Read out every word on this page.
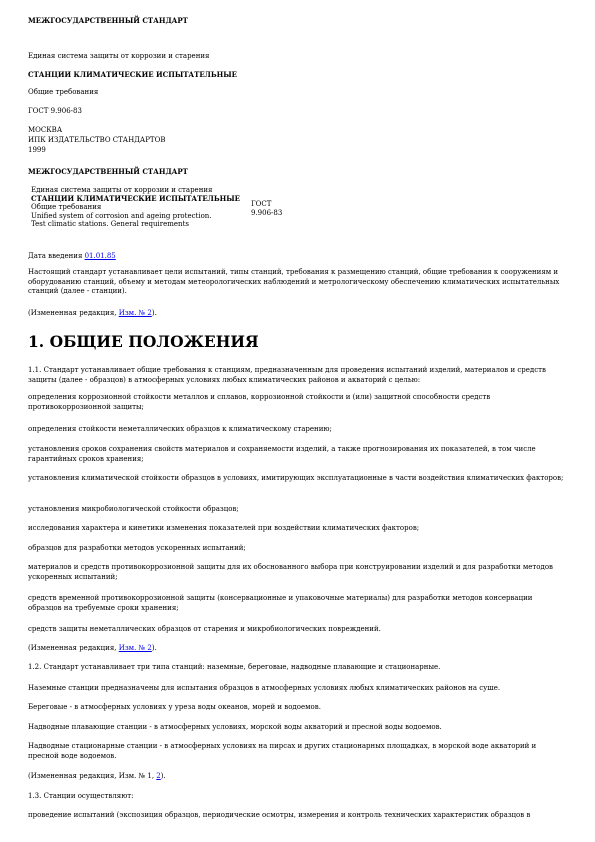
МЕЖГОСУДАРСТВЕННЫЙ СТАНДАРТ
Единая система защиты от коррозии и старения
СТАНЦИИ КЛИМАТИЧЕСКИЕ ИСПЫТАТЕЛЬНЫЕ
Общие требования
ГОСТ 9.906-83
МОСКВА
ИПК ИЗДАТЕЛЬСТВО СТАНДАРТОВ
1999
МЕЖГОСУДАРСТВЕННЫЙ СТАНДАРТ
Единая система защиты от коррозии и старения
СТАНЦИИ КЛИМАТИЧЕСКИЕ ИСПЫТАТЕЛЬНЫЕ
Общие требования
Unified system of corrosion and ageing protection.
Test climatic stations. General requirements

ГОСТ
9.906-83
Дата введения 01.01.85
Настоящий стандарт устанавливает цели испытаний, типы станций, требования к размещению станций, общие требования к сооружениям и оборудованию станций, объему и методам метеорологических наблюдений и метрологическому обеспечению климатических испытательных станций (далее - станции).
(Измененная редакция, Изм. № 2).
1. ОБЩИЕ ПОЛОЖЕНИЯ
1.1. Стандарт устанавливает общие требования к станциям, предназначенным для проведения испытаний изделий, материалов и средств защиты (далее - образцов) в атмосферных условиях любых климатических районов и акваторий с целью:
определения коррозионной стойкости металлов и сплавов, коррозионной стойкости и (или) защитной способности средств противокоррозионной защиты;
определения стойкости неметаллических образцов к климатическому старению;
установления сроков сохранения свойств материалов и сохраняемости изделий, а также прогнозирования их показателей, в том числе гарантийных сроков хранения;
установления климатической стойкости образцов в условиях, имитирующих эксплуатационные в части воздействия климатических факторов;
установления микробиологической стойкости образцов;
исследования характера и кинетики изменения показателей при воздействии климатических факторов;
образцов для разработки методов ускоренных испытаний;
материалов и средств противокоррозионной защиты для их обоснованного выбора при конструировании изделий и для разработки методов ускоренных испытаний;
средств временной противокоррозионной защиты (консервационные и упаковочные материалы) для разработки методов консервации образцов на требуемые сроки хранения;
средств защиты неметаллических образцов от старения и микробиологических повреждений.
(Измененная редакция, Изм. № 2).
1.2. Стандарт устанавливает три типа станций: наземные, береговые, надводные плавающие и стационарные.
Наземные станции предназначены для испытания образцов в атмосферных условиях любых климатических районов на суше.
Береговые - в атмосферных условиях у уреза воды океанов, морей и водоемов.
Надводные плавающие станции - в атмосферных условиях, морской воды акваторий и пресной воды водоемов.
Надводные стационарные станции - в атмосферных условиях на пирсах и других стационарных площадках, в морской воде акваторий и пресной воде водоемов.
(Измененная редакция, Изм. № 1, 2).
1.3. Станции осуществляют:
проведение испытаний (экспозиция образцов, периодические осмотры, измерения и контроль технических характеристик образцов в
